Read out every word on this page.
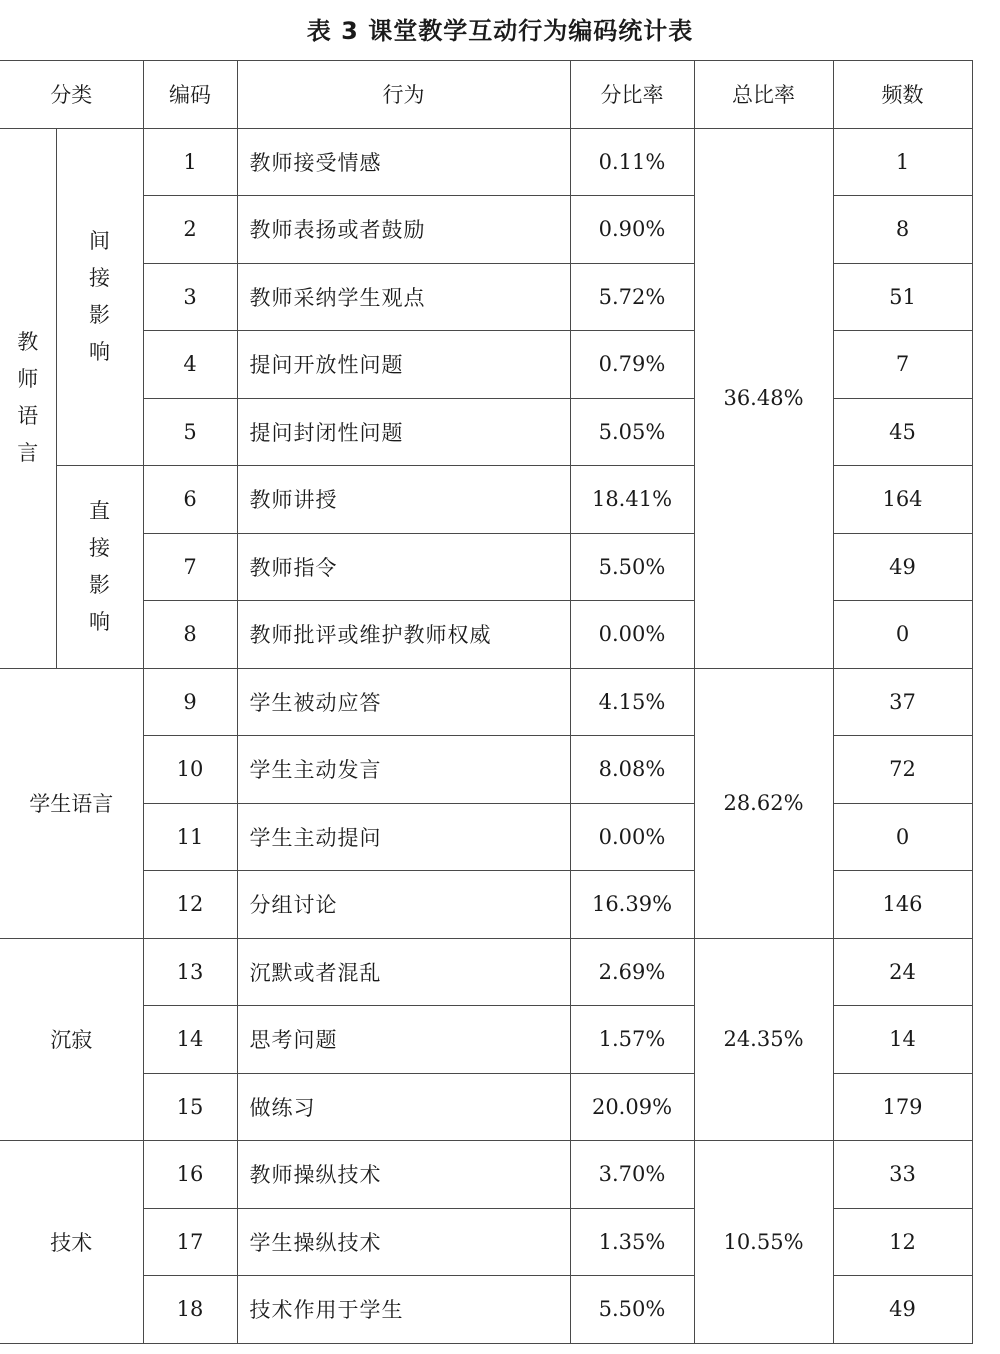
表 3 课堂教学互动行为编码统计表
分类		编码	行为	分比率	总比率	频数
教师语言	间接影响	1	教师接受情感	0.11%	36.48%	1
		2	教师表扬或者鼓励	0.90%		8
		3	教师采纳学生观点	5.72%		51
		4	提问开放性问题	0.79%		7
		5	提问封闭性问题	5.05%		45
	直接影响	6	教师讲授	18.41%		164
		7	教师指令	5.50%		49
		8	教师批评或维护教师权威	0.00%		0
学生语言		9	学生被动应答	4.15%	28.62%	37
		10	学生主动发言	8.08%		72
		11	学生主动提问	0.00%		0
		12	分组讨论	16.39%		146
沉寂		13	沉默或者混乱	2.69%	24.35%	24
		14	思考问题	1.57%		14
		15	做练习	20.09%		179
技术		16	教师操纵技术	3.70%	10.55%	33
		17	学生操纵技术	1.35%		12
		18	技术作用于学生	5.50%		49
